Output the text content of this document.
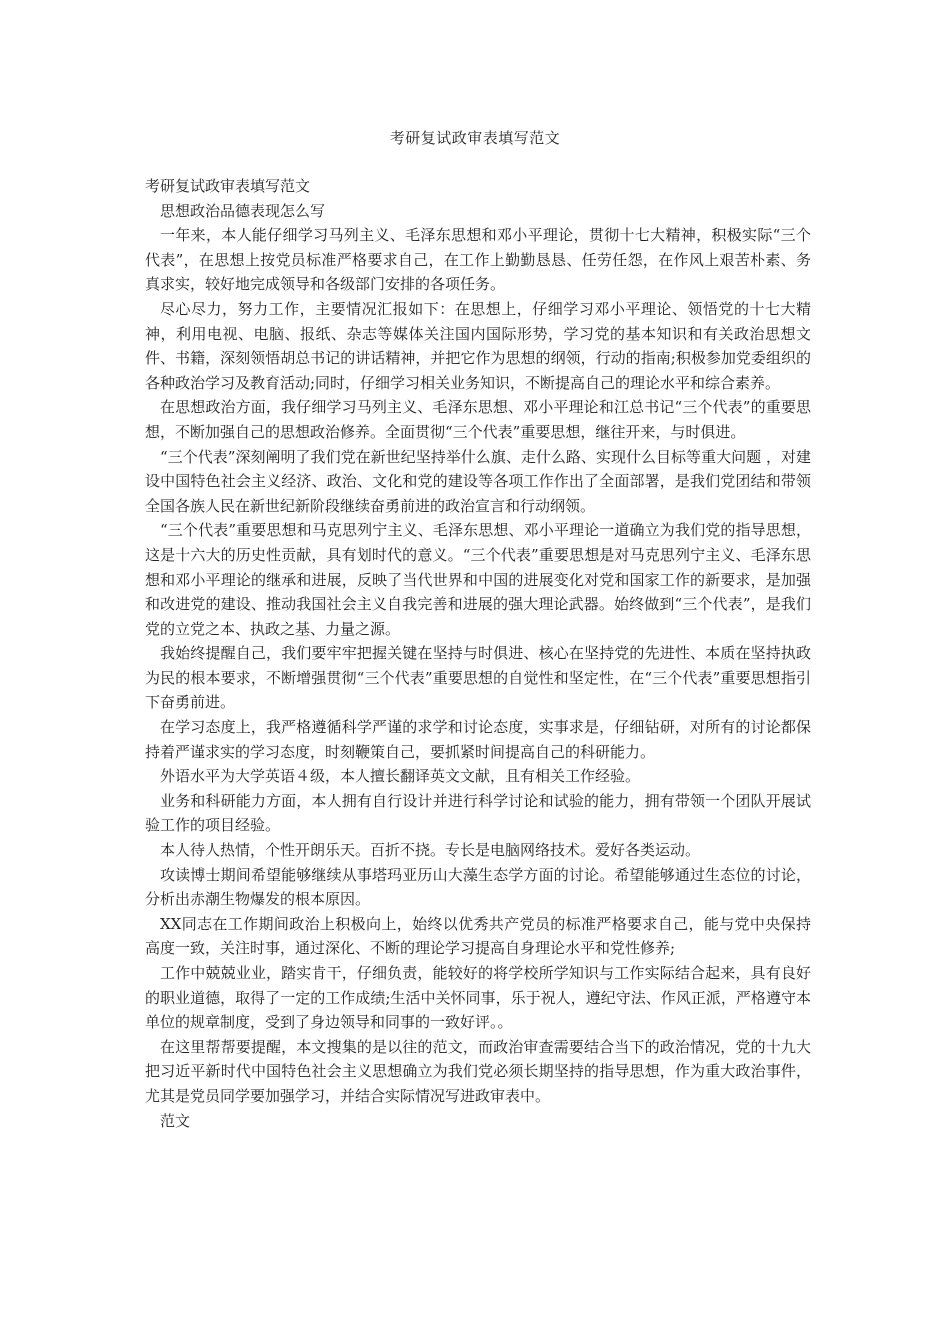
考研复试政审表填写范文

考研复试政审表填写范文

思想政治品德表现怎么写

一年来，本人能仔细学习马列主义、毛泽东思想和邓小平理论，贯彻十七大精神，积极实际“三个代表”，在思想上按党员标准严格要求自己，在工作上勤勤恳恳、任劳任怨，在作风上艰苦朴素、务真求实，较好地完成领导和各级部门安排的各项任务。

尽心尽力，努力工作，主要情况汇报如下：在思想上，仔细学习邓小平理论、领悟党的十七大精神，利用电视、电脑、报纸、杂志等媒体关注国内国际形势，学习党的基本知识和有关政治思想文件、书籍，深刻领悟胡总书记的讲话精神，并把它作为思想的纲领，行动的指南;积极参加党委组织的各种政治学习及教育活动;同时，仔细学习相关业务知识，不断提高自己的理论水平和综合素养。

在思想政治方面，我仔细学习马列主义、毛泽东思想、邓小平理论和江总书记“三个代表”的重要思想，不断加强自己的思想政治修养。全面贯彻“三个代表”重要思想，继往开来，与时俱进。

“三个代表”深刻阐明了我们党在新世纪坚持举什么旗、走什么路、实现什么目标等重大问题 ，对建设中国特色社会主义经济、政治、文化和党的建设等各项工作作出了全面部署，是我们党团结和带领全国各族人民在新世纪新阶段继续奋勇前进的政治宣言和行动纲领。

“三个代表”重要思想和马克思列宁主义、毛泽东思想、邓小平理论一道确立为我们党的指导思想，这是十六大的历史性贡献，具有划时代的意义。“三个代表”重要思想是对马克思列宁主义、毛泽东思想和邓小平理论的继承和进展，反映了当代世界和中国的进展变化对党和国家工作的新要求，是加强和改进党的建设、推动我国社会主义自我完善和进展的强大理论武器。始终做到“三个代表”，是我们党的立党之本、执政之基、力量之源。

我始终提醒自己，我们要牢牢把握关键在坚持与时俱进、核心在坚持党的先进性、本质在坚持执政为民的根本要求，不断增强贯彻“三个代表”重要思想的自觉性和坚定性，在“三个代表”重要思想指引下奋勇前进。

在学习态度上，我严格遵循科学严谨的求学和讨论态度，实事求是，仔细钻研，对所有的讨论都保持着严谨求实的学习态度，时刻鞭策自己，要抓紧时间提高自己的科研能力。

外语水平为大学英语４级，本人擅长翻译英文文献，且有相关工作经验。

业务和科研能力方面，本人拥有自行设计并进行科学讨论和试验的能力，拥有带领一个团队开展试验工作的项目经验。

本人待人热情，个性开朗乐天。百折不挠。专长是电脑网络技术。爱好各类运动。

攻读博士期间希望能够继续从事塔玛亚历山大藻生态学方面的讨论。希望能够通过生态位的讨论，分析出赤潮生物爆发的根本原因。

XX同志在工作期间政治上积极向上，始终以优秀共产党员的标准严格要求自己，能与党中央保持高度一致，关注时事，通过深化、不断的理论学习提高自身理论水平和党性修养;

工作中兢兢业业，踏实肯干，仔细负责，能较好的将学校所学知识与工作实际结合起来，具有良好的职业道德，取得了一定的工作成绩;生活中关怀同事，乐于祝人，遵纪守法、作风正派，严格遵守本单位的规章制度，受到了身边领导和同事的一致好评。。

在这里帮帮要提醒，本文搜集的是以往的范文，而政治审查需要结合当下的政治情况，党的十九大把习近平新时代中国特色社会主义思想确立为我们党必须长期坚持的指导思想，作为重大政治事件，尤其是党员同学要加强学习，并结合实际情况写进政审表中。

范文
